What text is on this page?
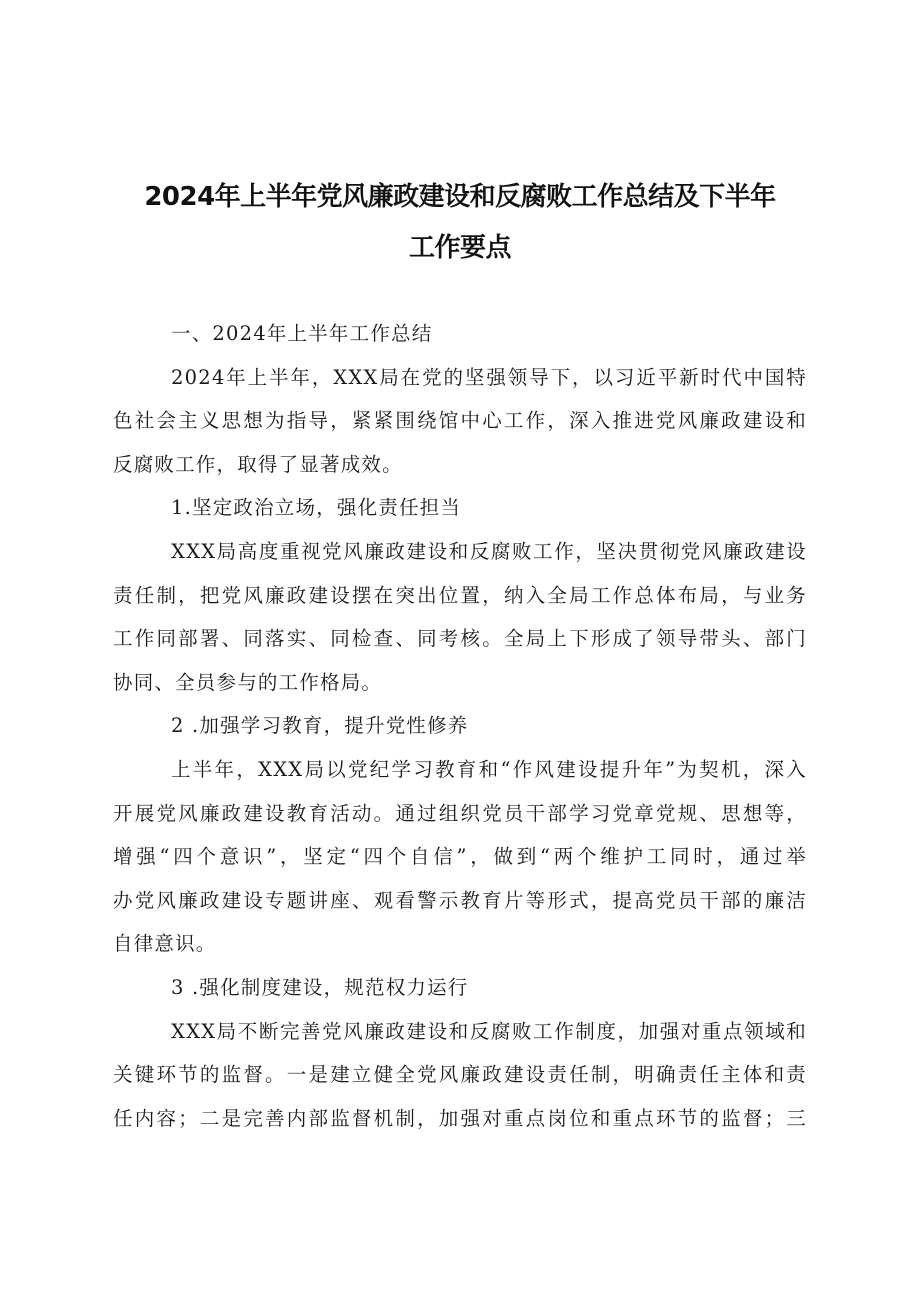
2024年上半年党风廉政建设和反腐败工作总结及下半年
工作要点
一、2024年上半年工作总结
2024年上半年，XXX局在党的坚强领导下，以习近平新时代中国特
色社会主义思想为指导，紧紧围绕馆中心工作，深入推进党风廉政建设和
反腐败工作，取得了显著成效。
1.坚定政治立场，强化责任担当
XXX局高度重视党风廉政建设和反腐败工作，坚决贯彻党风廉政建设
责任制，把党风廉政建设摆在突出位置，纳入全局工作总体布局，与业务
工作同部署、同落实、同检查、同考核。全局上下形成了领导带头、部门
协同、全员参与的工作格局。
2 .加强学习教育，提升党性修养
上半年，XXX局以党纪学习教育和“作风建设提升年”为契机，深入
开展党风廉政建设教育活动。通过组织党员干部学习党章党规、思想等，
增强“四个意识”，坚定“四个自信”，做到“两个维护工同时，通过举
办党风廉政建设专题讲座、观看警示教育片等形式，提高党员干部的廉洁
自律意识。
3 .强化制度建设，规范权力运行
XXX局不断完善党风廉政建设和反腐败工作制度，加强对重点领域和
关键环节的监督。一是建立健全党风廉政建设责任制，明确责任主体和责
任内容；二是完善内部监督机制，加强对重点岗位和重点环节的监督；三
